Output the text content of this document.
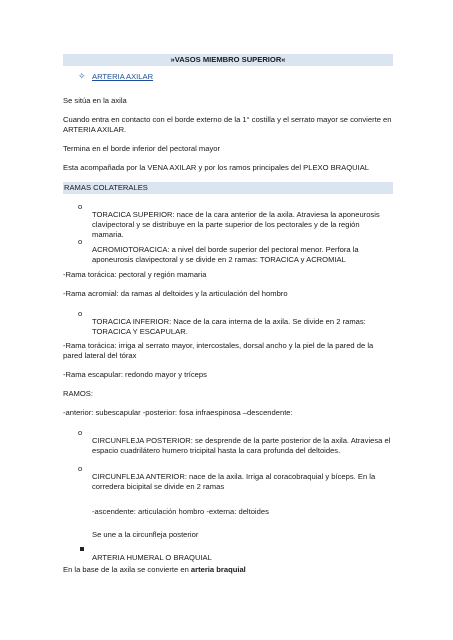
»VASOS MIEMBRO SUPERIOR«
✧ ARTERIA AXILAR

Se sitúa en la axila

Cuando entra en contacto con el borde externo de la 1° costilla y el serrato mayor se convierte en ARTERIA AXILAR.

Termina en el borde inferior del pectoral mayor

Esta acompañada por la VENA AXILAR y por los ramos principales del PLEXO BRAQUIAL

RAMAS COLATERALES
o

TORACICA SUPERIOR: nace de la cara anterior de la axila. Atraviesa la aponeurosis clavipectoral y se distribuye en la parte superior de los pectorales y de la región mamaria.

o

ACROMIOTORACICA: a nivel del borde superior del pectoral menor. Perfora la aponeurosis clavipectoral y se divide en 2 ramas: TORACICA y ACROMIAL

-Rama torácica: pectoral y región mamaria

-Rama acromial: da ramas al deltoides y la articulación del hombro

o

TORACICA INFERIOR: Nace de la cara interna de la axila. Se divide en 2 ramas: TORACICA Y ESCAPULAR.

-Rama torácica: irriga al serrato mayor, intercostales, dorsal ancho y la piel de la pared de la pared lateral del tórax

-Rama escapular: redondo mayor y tríceps

RAMOS:

-anterior: subescapular -posterior: fosa infraespinosa –descendente:

o

CIRCUNFLEJA POSTERIOR: se desprende de la parte posterior de la axila. Atraviesa el espacio cuadrilátero humero tricipital hasta la cara profunda del deltoides.

o

CIRCUNFLEJA ANTERIOR: nace de la axila. Irriga al coracobraquial y bíceps. En la corredera bicipital se divide en 2 ramas

-ascendente: articulación hombro -externa: deltoides

Se une a la circunfleja posterior

ARTERIA HUMERAL O BRAQUIAL

En la base de la axila se convierte en arteria braquial
